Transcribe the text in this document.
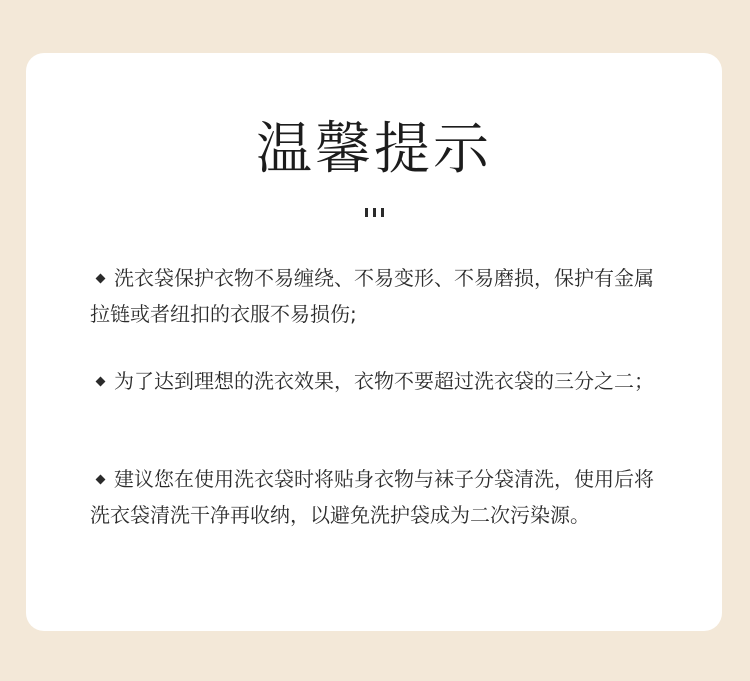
温馨提示

洗衣袋保护衣物不易缠绕、不易变形、不易磨损，保护有金属拉链或者纽扣的衣服不易损伤;

为了达到理想的洗衣效果，衣物不要超过洗衣袋的三分之二；

建议您在使用洗衣袋时将贴身衣物与袜子分袋清洗，使用后将洗衣袋清洗干净再收纳，以避免洗护袋成为二次污染源。
